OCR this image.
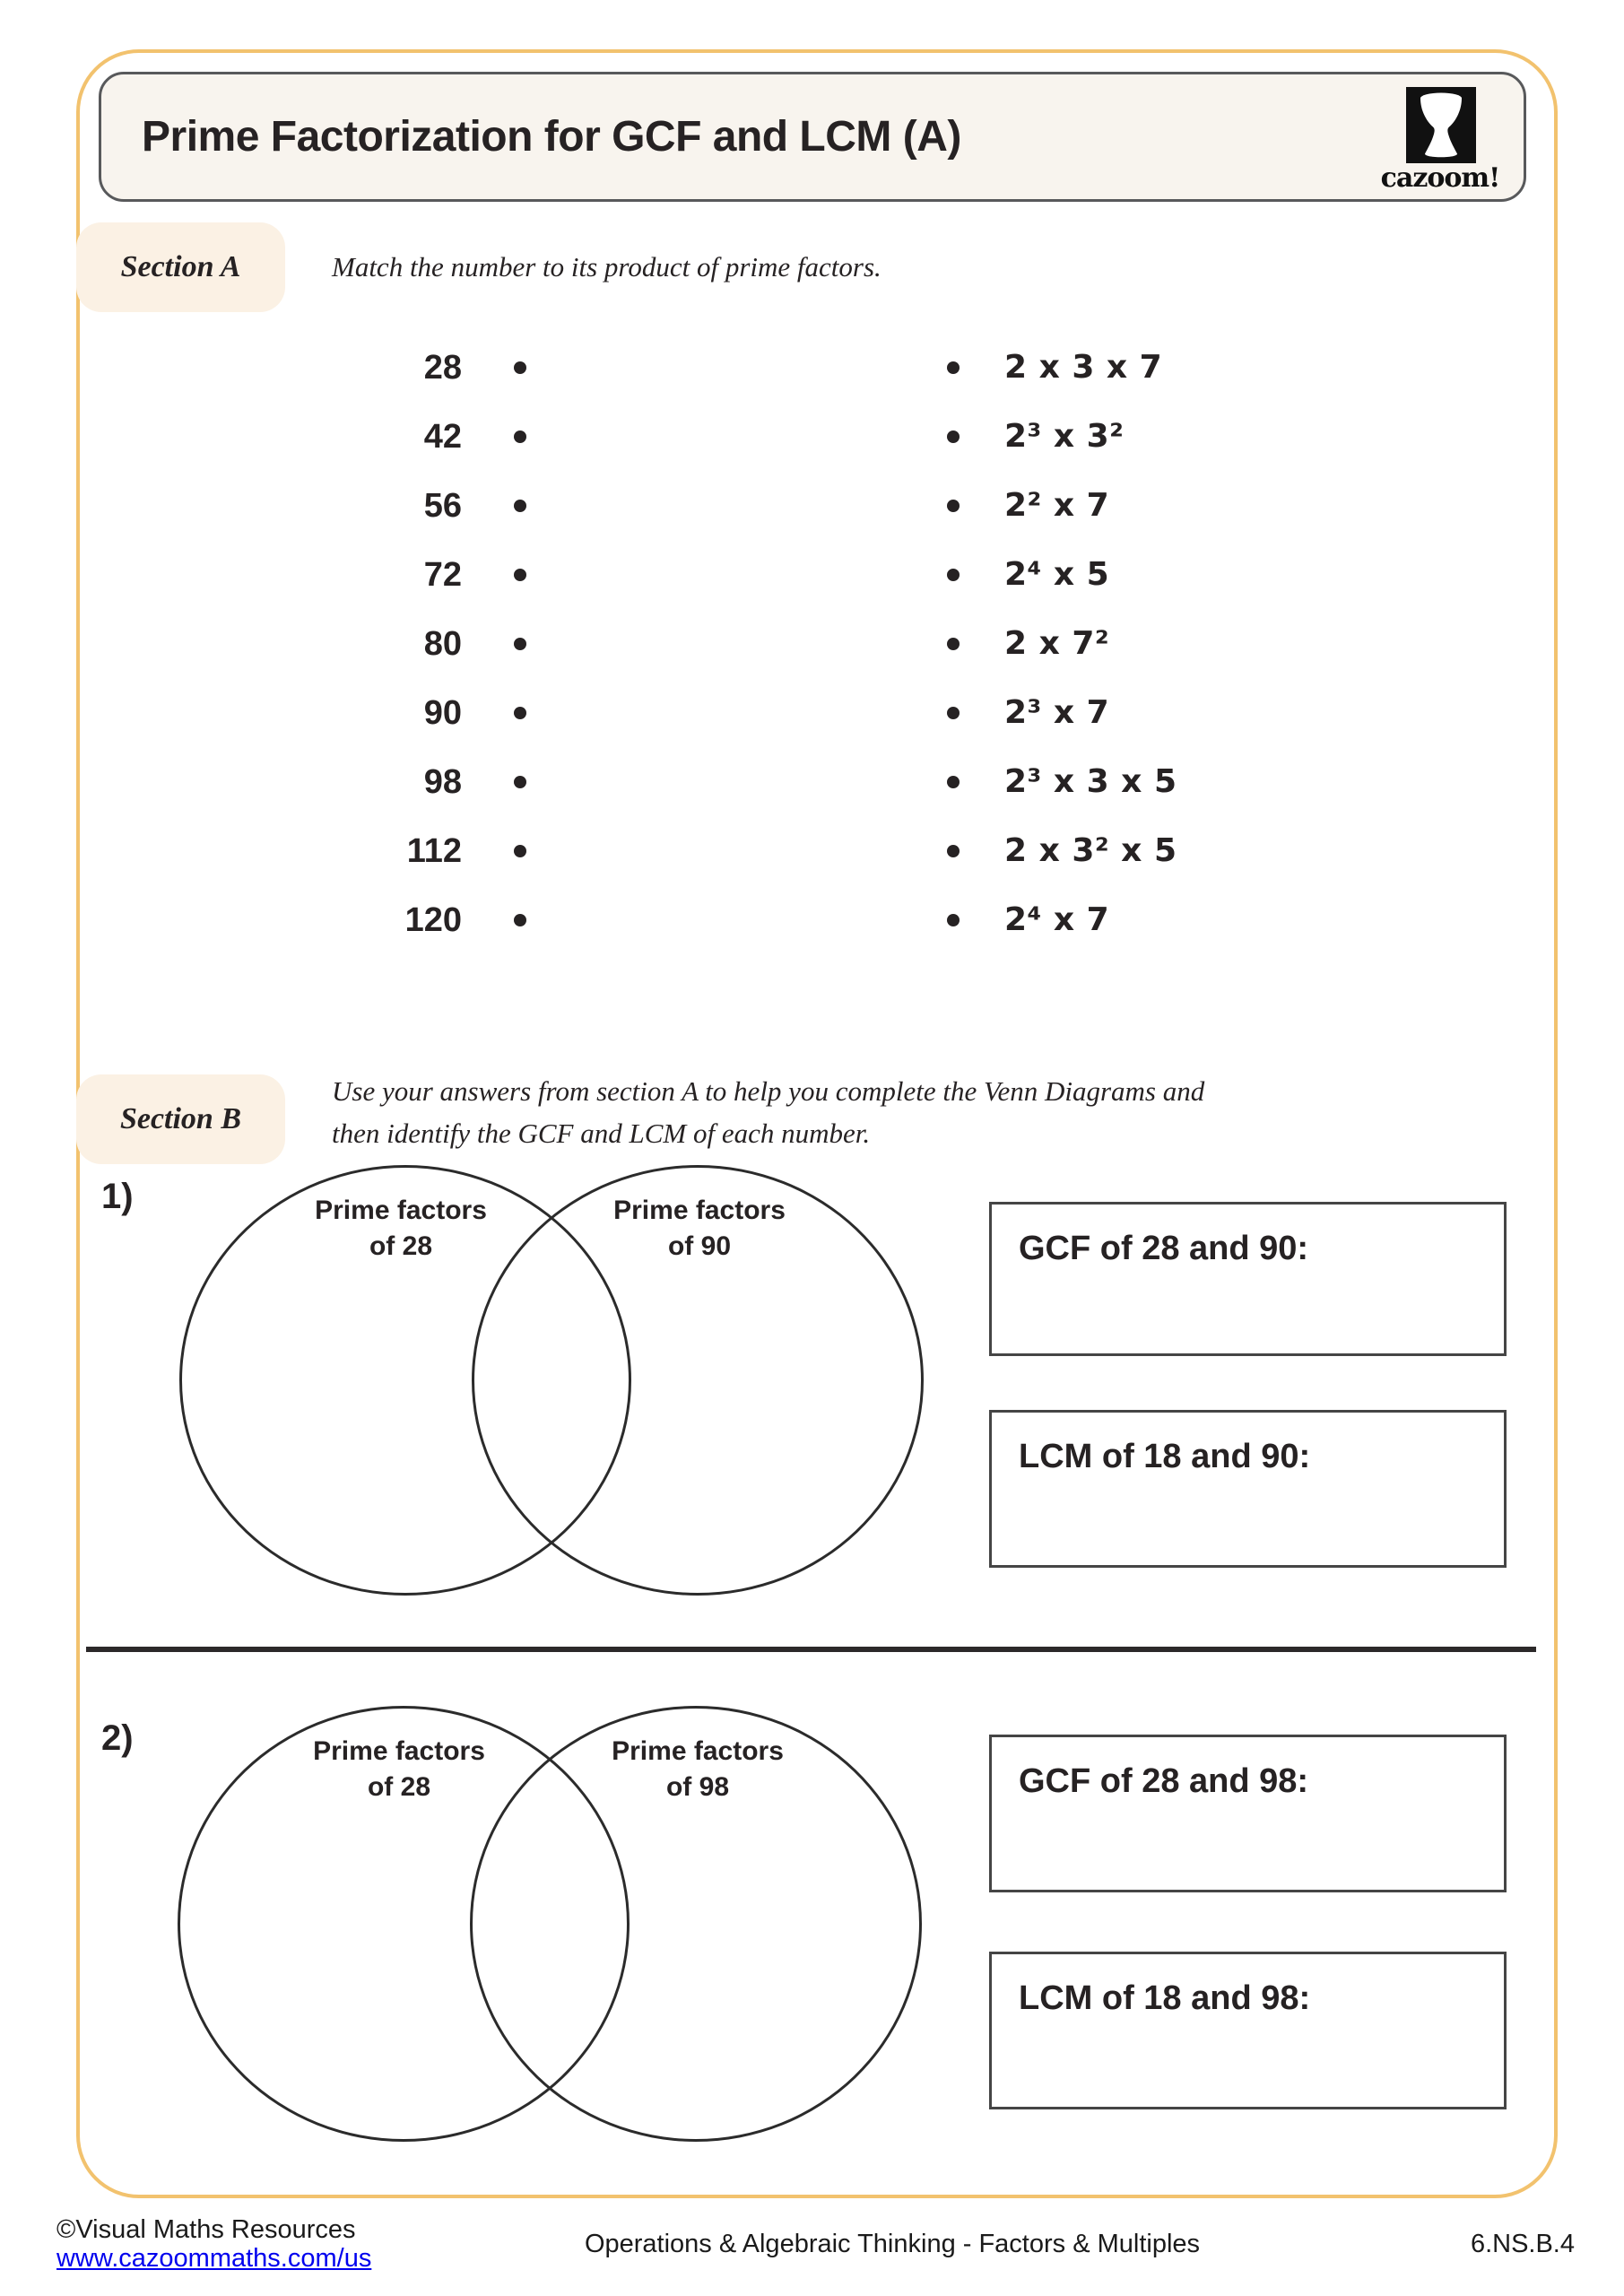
Prime Factorization for GCF and LCM (A)
cazoom!
Section A	Match the number to its product of prime factors.
28	2 x 3 x 7
42	2³ x 3²
56	2² x 7
72	2⁴ x 5
80	2 x 7²
90	2³ x 7
98	2³ x 3 x 5
112	2 x 3² x 5
120	2⁴ x 7
Section B
Use your answers from section A to help you complete the Venn Diagrams and
then identify the GCF and LCM of each number.
1)	Prime factors
of 28
Prime factors
of 90	GCF of 28 and 90:
LCM of 18 and 90:
2)	Prime factors
of 28
Prime factors
of 98	GCF of 28 and 98:
LCM of 18 and 98:
©Visual Maths Resources
www.cazoommaths.com/us	Operations & Algebraic Thinking - Factors & Multiples	6.NS.B.4
